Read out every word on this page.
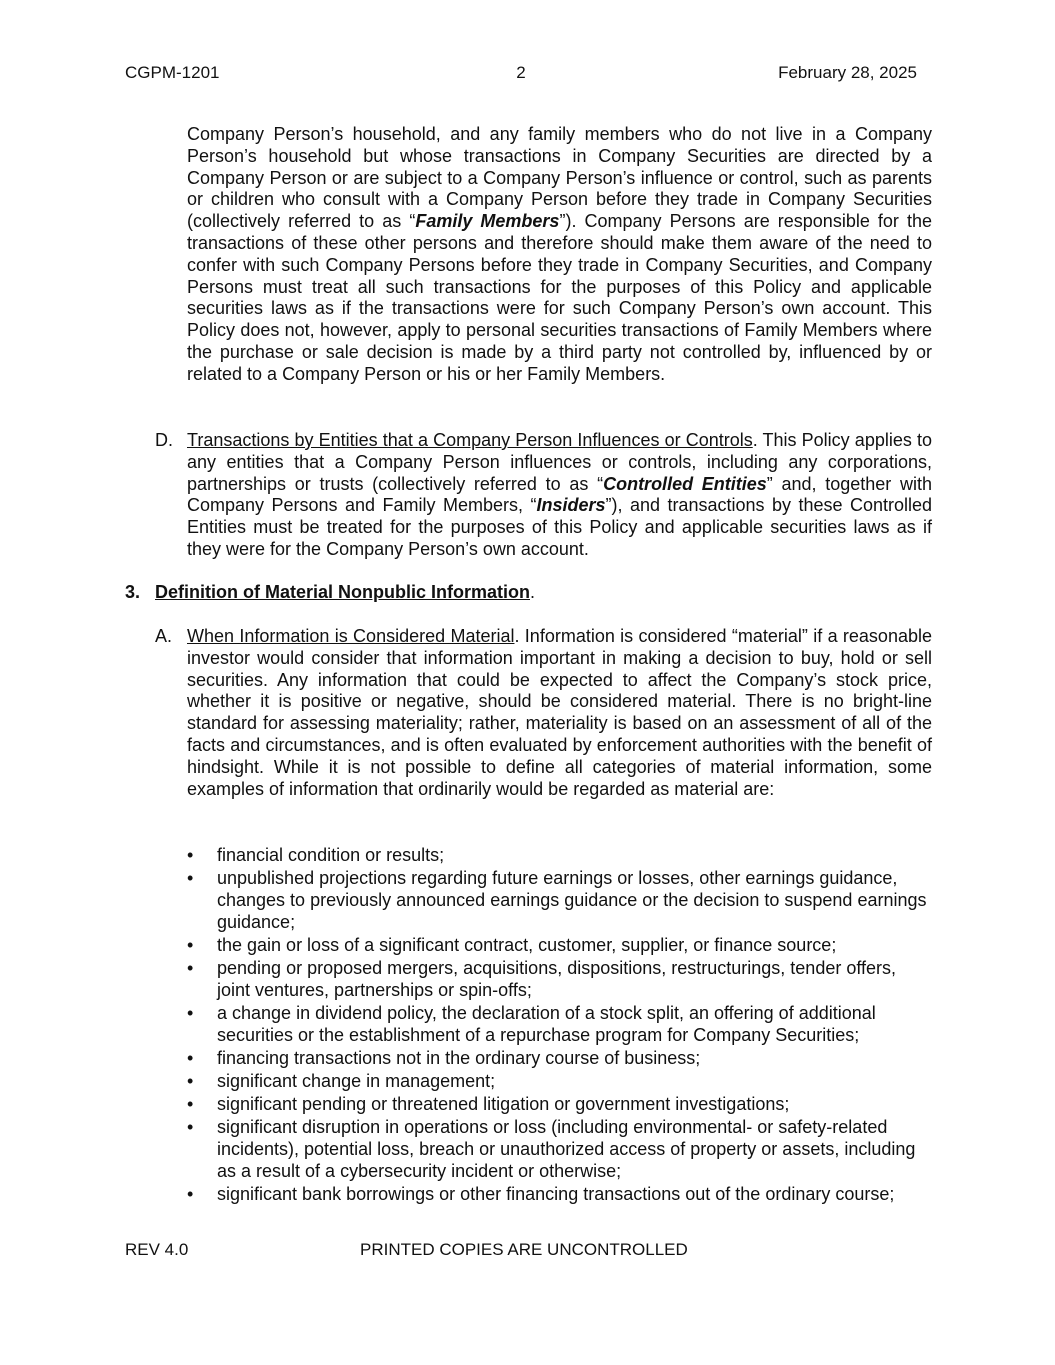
CGPM-1201	2	February 28, 2025
Company Person’s household, and any family members who do not live in a Company Person’s household but whose transactions in Company Securities are directed by a Company Person or are subject to a Company Person’s influence or control, such as parents or children who consult with a Company Person before they trade in Company Securities (collectively referred to as “Family Members”). Company Persons are responsible for the transactions of these other persons and therefore should make them aware of the need to confer with such Company Persons before they trade in Company Securities, and Company Persons must treat all such transactions for the purposes of this Policy and applicable securities laws as if the transactions were for such Company Person’s own account. This Policy does not, however, apply to personal securities transactions of Family Members where the purchase or sale decision is made by a third party not controlled by, influenced by or related to a Company Person or his or her Family Members.
D. Transactions by Entities that a Company Person Influences or Controls. This Policy applies to any entities that a Company Person influences or controls, including any corporations, partnerships or trusts (collectively referred to as “Controlled Entities” and, together with Company Persons and Family Members, “Insiders”), and transactions by these Controlled Entities must be treated for the purposes of this Policy and applicable securities laws as if they were for the Company Person’s own account.
3. Definition of Material Nonpublic Information.
A. When Information is Considered Material. Information is considered “material” if a reasonable investor would consider that information important in making a decision to buy, hold or sell securities. Any information that could be expected to affect the Company’s stock price, whether it is positive or negative, should be considered material. There is no bright-line standard for assessing materiality; rather, materiality is based on an assessment of all of the facts and circumstances, and is often evaluated by enforcement authorities with the benefit of hindsight. While it is not possible to define all categories of material information, some examples of information that ordinarily would be regarded as material are:
•	financial condition or results;
•	unpublished projections regarding future earnings or losses, other earnings guidance, changes to previously announced earnings guidance or the decision to suspend earnings guidance;
•	the gain or loss of a significant contract, customer, supplier, or finance source;
•	pending or proposed mergers, acquisitions, dispositions, restructurings, tender offers, joint ventures, partnerships or spin-offs;
•	a change in dividend policy, the declaration of a stock split, an offering of additional securities or the establishment of a repurchase program for Company Securities;
•	financing transactions not in the ordinary course of business;
•	significant change in management;
•	significant pending or threatened litigation or government investigations;
•	significant disruption in operations or loss (including environmental- or safety-related incidents), potential loss, breach or unauthorized access of property or assets, including as a result of a cybersecurity incident or otherwise;
•	significant bank borrowings or other financing transactions out of the ordinary course;
REV 4.0	PRINTED COPIES ARE UNCONTROLLED
